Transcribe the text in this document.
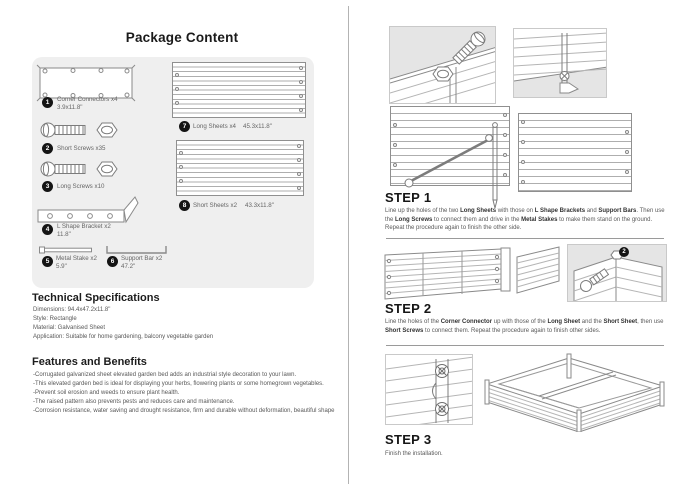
Package Content
1	Corner Connectors x4
3.9x11.8"
2	Short Screws x35
3	Long Screws x10
4	L Shape Bracket x2
11.8"
5	Metal Stake x2
5.9"
6	Support Bar x2
47.2"
7	Long Sheets x4 45.3x11.8"
8	Short Sheets x2 43.3x11.8"
Technical Specifications
Dimensions: 94.4x47.2x11.8"
Style: Rectangle
Material: Galvanised Sheet
Application: Suitable for home gardening, balcony vegetable garden
Features and Benefits
-Corrugated galvanized sheet elevated garden bed adds an industrial style decoration to your lawn.
-This elevated garden bed is ideal for displaying your herbs, flowering plants or some homegrown vegetables.
-Prevent soil erosion and weeds to ensure plant health.
-The raised pattern also prevents pests and reduces care and maintenance.
-Corrosion resistance, water saving and drought resistance, firm and durable without deformation, beautiful shape
STEP 1
Line up the holes of the two Long Sheets with those on L Shape Brackets and Support Bars. Then use the Long Screws to connect them and drive in the Metal Stakes to make them stand on the ground. Repeat the procedure again to finish the other side.
2
STEP 2
Line the holes of the Corner Connector up with those of the Long Sheet and the Short Sheet, then use Short Screws to connect them. Repeat the procedure again to finish other sides.
STEP 3
Finish the installation.
